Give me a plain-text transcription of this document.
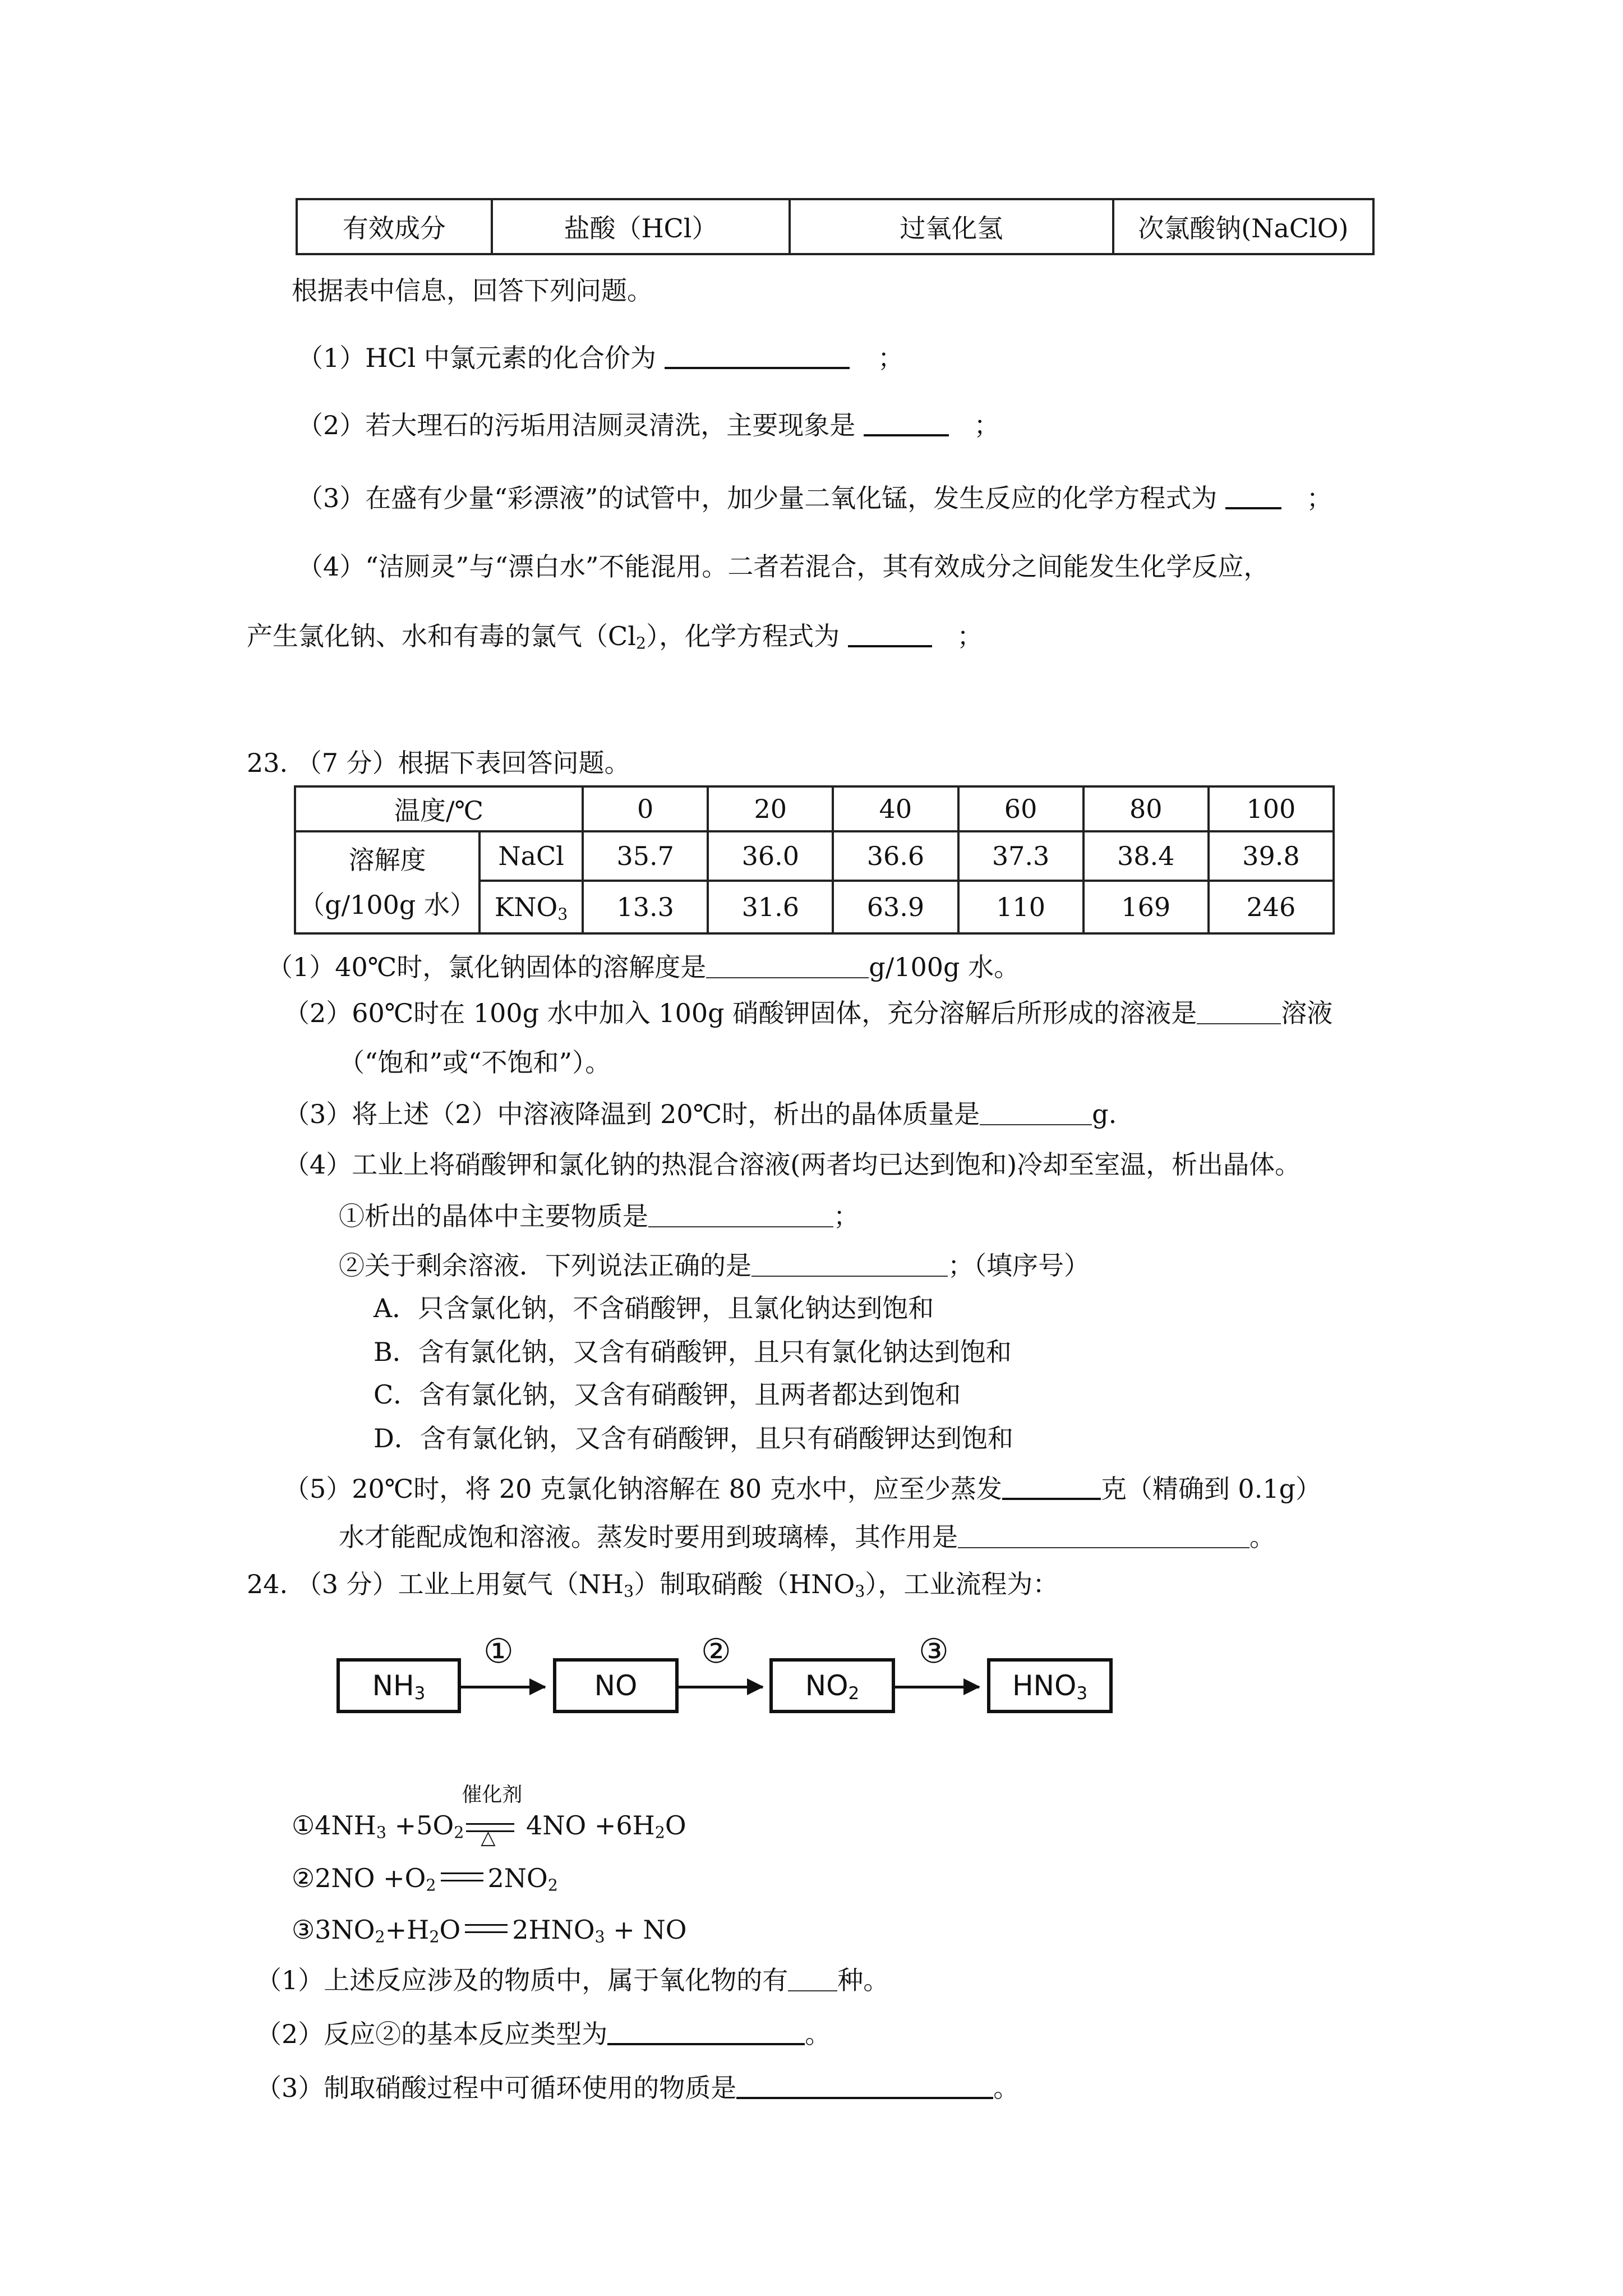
有效成分	盐酸（HCl）	过氧化氢	次氯酸钠(NaClO)
根据表中信息，回答下列问题。
（1）HCl 中氯元素的化合价为	；
（2）若大理石的污垢用洁厕灵清洗，主要现象是	；
（3）在盛有少量“彩漂液”的试管中，加少量二氧化锰，发生反应的化学方程式为	；
（4）“洁厕灵”与“漂白水”不能混用。二者若混合，其有效成分之间能发生化学反应，
产生氯化钠、水和有毒的氯气$(Cl_2)$，化学方程式为	；
23. （7 分）根据下表回答问题。
温度/℃		0	20	40	60	80	100

溶解度
（g/100g 水）	NaCl	35.7	36.0	36.6	37.3	38.4	39.8
	$KNO_3$	13.3	31.6	63.9	110	169	246
（1）40℃时，氯化钠固体的溶解度是	g/100g 水。
（2）60℃时在 100g 水中加入 100g 硝酸钾固体，充分溶解后所形成的溶液是	溶液
（“饱和”或“不饱和”）。
（3）将上述（2）中溶液降温到 20℃时，析出的晶体质量是	g.
（4）工业上将硝酸钾和氯化钠的热混合溶液(两者均已达到饱和)冷却至室温，析出晶体。
①析出的晶体中主要物质是	；
②关于剩余溶液．下列说法正确的是	；（填序号）
A．只含氯化钠，不含硝酸钾，且氯化钠达到饱和
B．含有氯化钠，又含有硝酸钾，且只有氯化钠达到饱和
C．含有氯化钠，又含有硝酸钾，且两者都达到饱和
D．含有氯化钠，又含有硝酸钾，且只有硝酸钾达到饱和
（5）20℃时，将 20 克氯化钠溶解在 80 克水中，应至少蒸发	克（精确到 0.1g）
水才能配成饱和溶液。蒸发时要用到玻璃棒，其作用是	。
24. （3 分）工业上用氨气$(NH_3)$制取硝酸$(HNO_3)$，工业流程为：
$NH_3$
①
NO
②
$NO_2$
③
$HNO_3$
$①4NH_3 +5O_2$
催化剂
△ $4NO +6H_2O$
②2NO $+O_2$ $2NO_2$
$③3NO_2+H_2O$ $2HNO_3$ + NO
（1）上述反应涉及的物质中，属于氧化物的有 种。
（2）反应②的基本反应类型为	。
（3）制取硝酸过程中可循环使用的物质是	。
